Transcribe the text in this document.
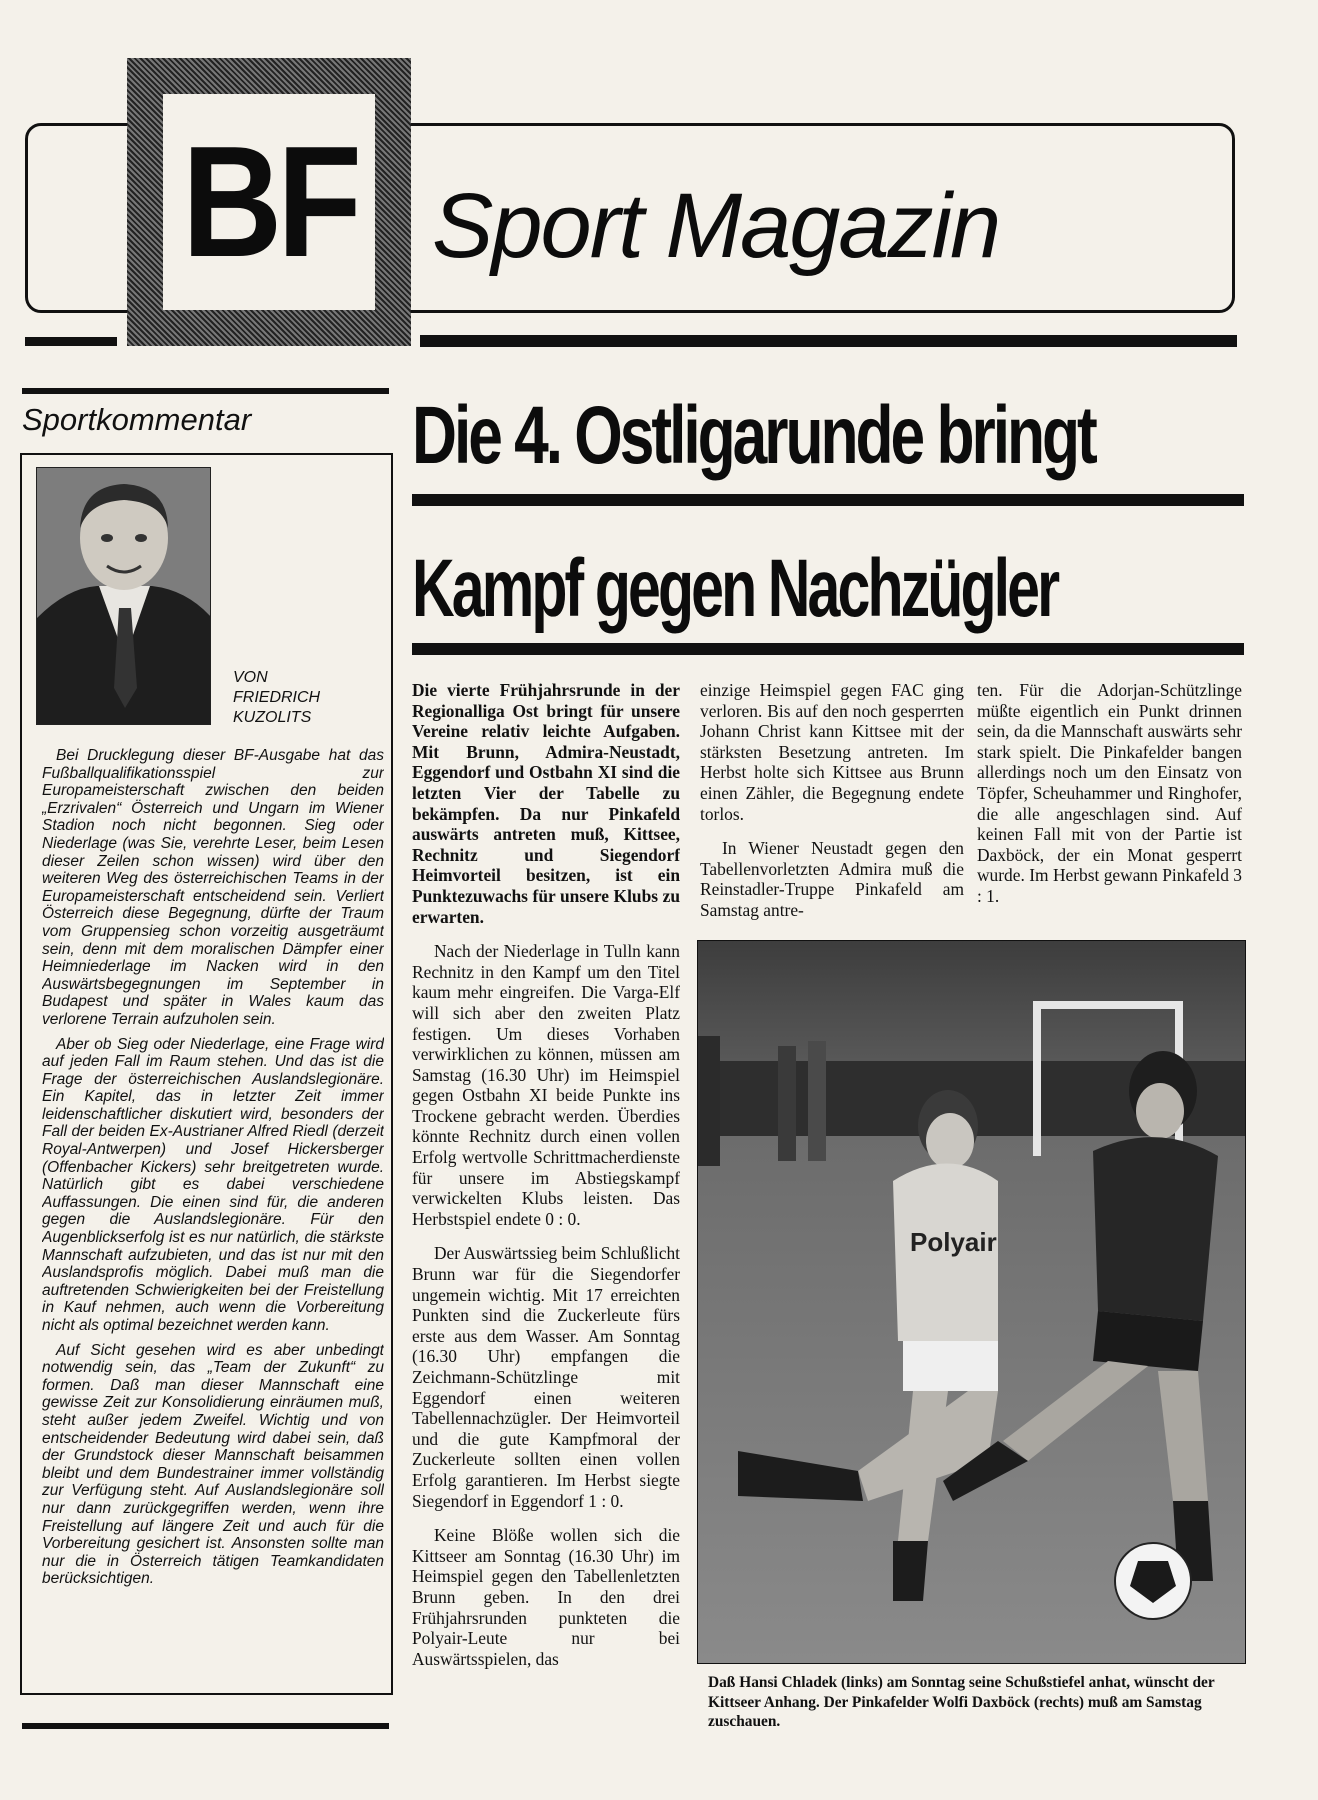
BF Sport Magazin
Sportkommentar
VON
FRIEDRICH
KUZOLITS

Bei Drucklegung dieser BF-Ausgabe hat das Fußballqualifikationsspiel zur Europameisterschaft zwischen den beiden „Erzrivalen“ Österreich und Ungarn im Wiener Stadion noch nicht begonnen. Sieg oder Niederlage (was Sie, verehrte Leser, beim Lesen dieser Zeilen schon wissen) wird über den weiteren Weg des österreichischen Teams in der Europameisterschaft entscheidend sein. Verliert Österreich diese Begegnung, dürfte der Traum vom Gruppensieg schon vorzeitig ausgeträumt sein, denn mit dem moralischen Dämpfer einer Heimniederlage im Nacken wird in den Auswärtsbegegnungen im September in Budapest und später in Wales kaum das verlorene Terrain aufzuholen sein.

Aber ob Sieg oder Niederlage, eine Frage wird auf jeden Fall im Raum stehen. Und das ist die Frage der österreichischen Auslandslegionäre. Ein Kapitel, das in letzter Zeit immer leidenschaftlicher diskutiert wird, besonders der Fall der beiden Ex-Austrianer Alfred Riedl (derzeit Royal-Antwerpen) und Josef Hickersberger (Offenbacher Kickers) sehr breitgetreten wurde. Natürlich gibt es dabei verschiedene Auffassungen. Die einen sind für, die anderen gegen die Auslandslegionäre. Für den Augenblickserfolg ist es nur natürlich, die stärkste Mannschaft aufzubieten, und das ist nur mit den Auslandsprofis möglich. Dabei muß man die auftretenden Schwierigkeiten bei der Freistellung in Kauf nehmen, auch wenn die Vorbereitung nicht als optimal bezeichnet werden kann.

Auf Sicht gesehen wird es aber unbedingt notwendig sein, das „Team der Zukunft“ zu formen. Daß man dieser Mannschaft eine gewisse Zeit zur Konsolidierung einräumen muß, steht außer jedem Zweifel. Wichtig und von entscheidender Bedeutung wird dabei sein, daß der Grundstock dieser Mannschaft beisammen bleibt und dem Bundestrainer immer vollständig zur Verfügung steht. Auf Auslandslegionäre soll nur dann zurückgegriffen werden, wenn ihre Freistellung auf längere Zeit und auch für die Vorbereitung gesichert ist. Ansonsten sollte man nur die in Österreich tätigen Teamkandidaten berücksichtigen.

Die 4. Ostligarunde bringt
Kampf gegen Nachzügler

Die vierte Frühjahrsrunde in der Regionalliga Ost bringt für unsere Vereine relativ leichte Aufgaben. Mit Brunn, Admira-Neustadt, Eggendorf und Ostbahn XI sind die letzten Vier der Tabelle zu bekämpfen. Da nur Pinkafeld auswärts antreten muß, Kittsee, Rechnitz und Siegendorf Heimvorteil besitzen, ist ein Punktezuwachs für unsere Klubs zu erwarten.

Nach der Niederlage in Tulln kann Rechnitz in den Kampf um den Titel kaum mehr eingreifen. Die Varga-Elf will sich aber den zweiten Platz festigen. Um dieses Vorhaben verwirklichen zu können, müssen am Samstag (16.30 Uhr) im Heimspiel gegen Ostbahn XI beide Punkte ins Trockene gebracht werden. Überdies könnte Rechnitz durch einen vollen Erfolg wertvolle Schrittmacherdienste für unsere im Abstiegskampf verwickelten Klubs leisten. Das Herbstspiel endete 0 : 0.

Der Auswärtssieg beim Schlußlicht Brunn war für die Siegendorfer ungemein wichtig. Mit 17 erreichten Punkten sind die Zuckerleute fürs erste aus dem Wasser. Am Sonntag (16.30 Uhr) empfangen die Zeichmann-Schützlinge mit Eggendorf einen weiteren Tabellennachzügler. Der Heimvorteil und die gute Kampfmoral der Zuckerleute sollten einen vollen Erfolg garantieren. Im Herbst siegte Siegendorf in Eggendorf 1 : 0.

Keine Blöße wollen sich die Kittseer am Sonntag (16.30 Uhr) im Heimspiel gegen den Tabellenletzten Brunn geben. In den drei Frühjahrsrunden punkteten die Polyair-Leute nur bei Auswärtsspielen, das

einzige Heimspiel gegen FAC ging verloren. Bis auf den noch gesperrten Johann Christ kann Kittsee mit der stärksten Besetzung antreten. Im Herbst holte sich Kittsee aus Brunn einen Zähler, die Begegnung endete torlos.

In Wiener Neustadt gegen den Tabellenvorletzten Admira muß die Reinstadler-Truppe Pinkafeld am Samstag antre-

ten. Für die Adorjan-Schützlinge müßte eigentlich ein Punkt drinnen sein, da die Mannschaft auswärts sehr stark spielt. Die Pinkafelder bangen allerdings noch um den Einsatz von Töpfer, Scheuhammer und Ringhofer, die alle angeschlagen sind. Auf keinen Fall mit von der Partie ist Daxböck, der ein Monat gesperrt wurde. Im Herbst gewann Pinkafeld 3 : 1.

Polyair
Daß Hansi Chladek (links) am Sonntag seine Schußstiefel anhat, wünscht der Kittseer Anhang. Der Pinkafelder Wolfi Daxböck (rechts) muß am Samstag zuschauen.
